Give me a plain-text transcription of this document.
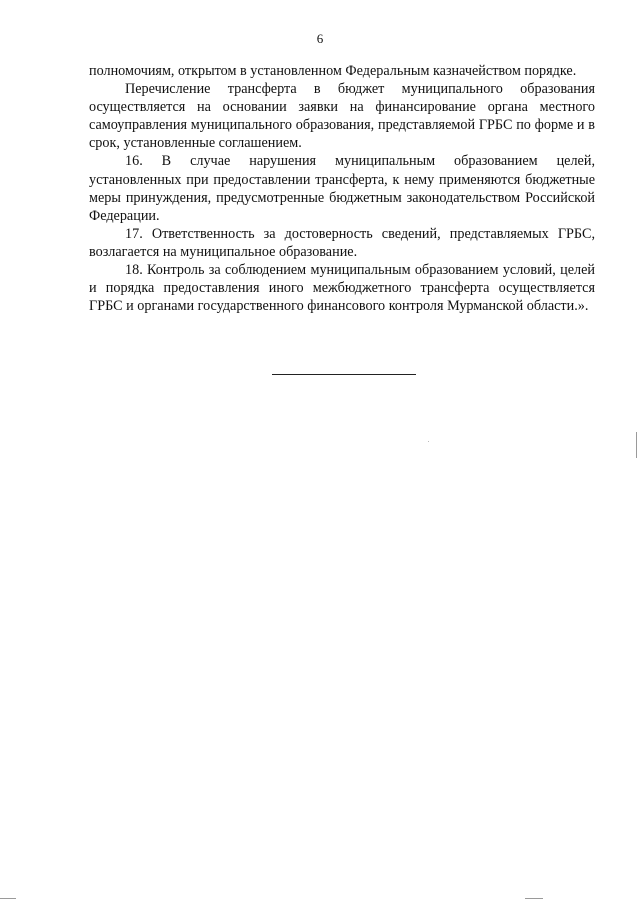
6

полномочиям, открытом в установленном Федеральным казначейством порядке.

Перечисление трансферта в бюджет муниципального образования осуществляется на основании заявки на финансирование органа местного самоуправления муниципального образования, представляемой ГРБС по форме и в срок, установленные соглашением.

16. В случае нарушения муниципальным образованием целей, установленных при предоставлении трансферта, к нему применяются бюджетные меры принуждения, предусмотренные бюджетным законодательством Российской Федерации.

17. Ответственность за достоверность сведений, представляемых ГРБС, возлагается на муниципальное образование.

18. Контроль за соблюдением муниципальным образованием условий, целей и порядка предоставления иного межбюджетного трансферта осуществляется ГРБС и органами государственного финансового контроля Мурманской области.».
